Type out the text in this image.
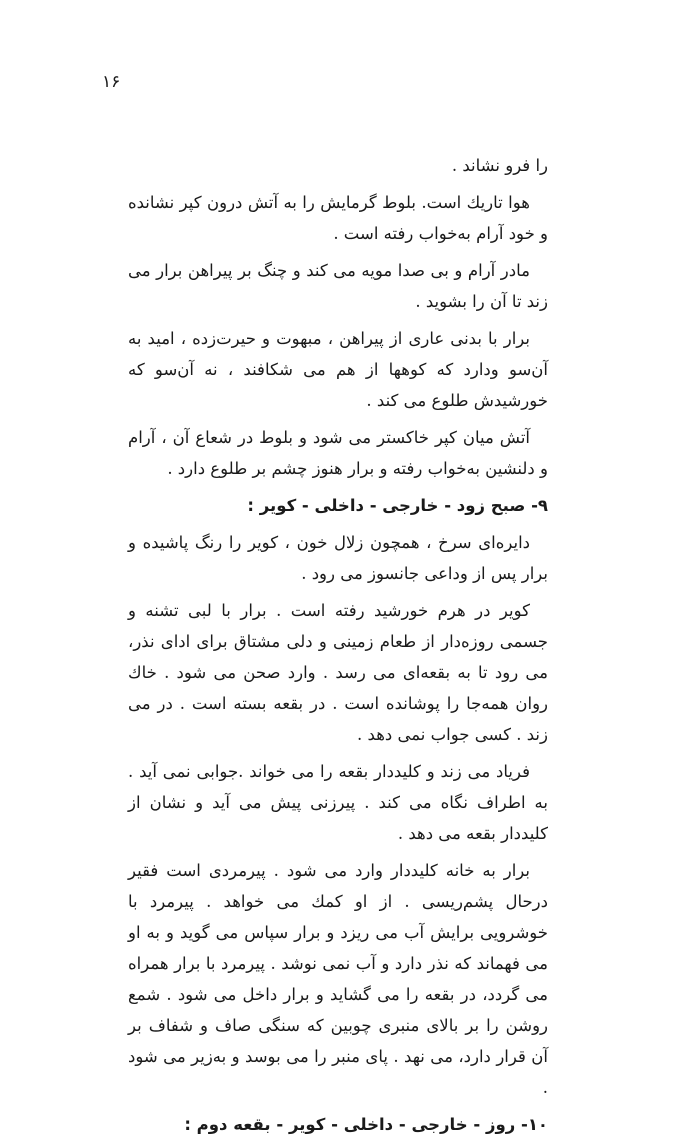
۱۶

را فرو نشاند .

هوا تاریك است. بلوط گرمایش را به آتش درون کپر نشانده و خود آرام به‌خواب رفته است .

مادر آرام و بی صدا مویه می کند و چنگ بر پیراهن برار می زند تا آن را بشوید .

برار با بدنی عاری از پیراهن ، مبهوت و حیرت‌زده ، امید به آن‌سو و‌دارد که کوهها از هم می شکافند ، نه آن‌سو که خورشیدش طلوع می کند .

آتش میان کپر خاکستر می شود و بلوط در شعاع آن ، آرام و دلنشین به‌خواب رفته و برار هنوز چشم بر طلوع دارد .

۹- صبح زود - خارجی - داخلی - کویر :

دایره‌ای سرخ ، همچون زلال خون ، کویر را رنگ پاشیده و برار پس از وداعی جانسوز می رود .

کویر در هرم خورشید رفته است . برار با لبی تشنه و جسمی روزه‌دار از طعام زمینی و دلی مشتاق برای ادای نذر، می رود تا به بقعه‌ای می رسد . وارد صحن می شود . خاك روان همه‌جا را پوشانده است . در بقعه بسته است . در می زند . کسی جواب نمی دهد .

فریاد می زند و کلیددار بقعه را می خواند .جوابی نمی آید . به اطراف نگاه می کند . پیرزنی پیش می آید و نشان از کلیددار بقعه می دهد .

برار به خانه کلیددار وارد می شود . پیرمردی است فقیر درحال پشم‌ریسی . از او کمك می خواهد . پیرمرد با خوشرویی برایش آب می ریزد و برار سپاس می گوید و به او می فهماند که نذر دارد و آب نمی نوشد . پیرمرد با برار همراه می گردد، در بقعه را می گشاید و برار داخل می شود . شمع روشن را بر بالای منبری چوبین که سنگی صاف و شفاف بر آن قرار دارد، می نهد . پای منبر را می بوسد و به‌زیر می شود .

۱۰- روز - خارجی - داخلی - کویر - بقعه دوم :
